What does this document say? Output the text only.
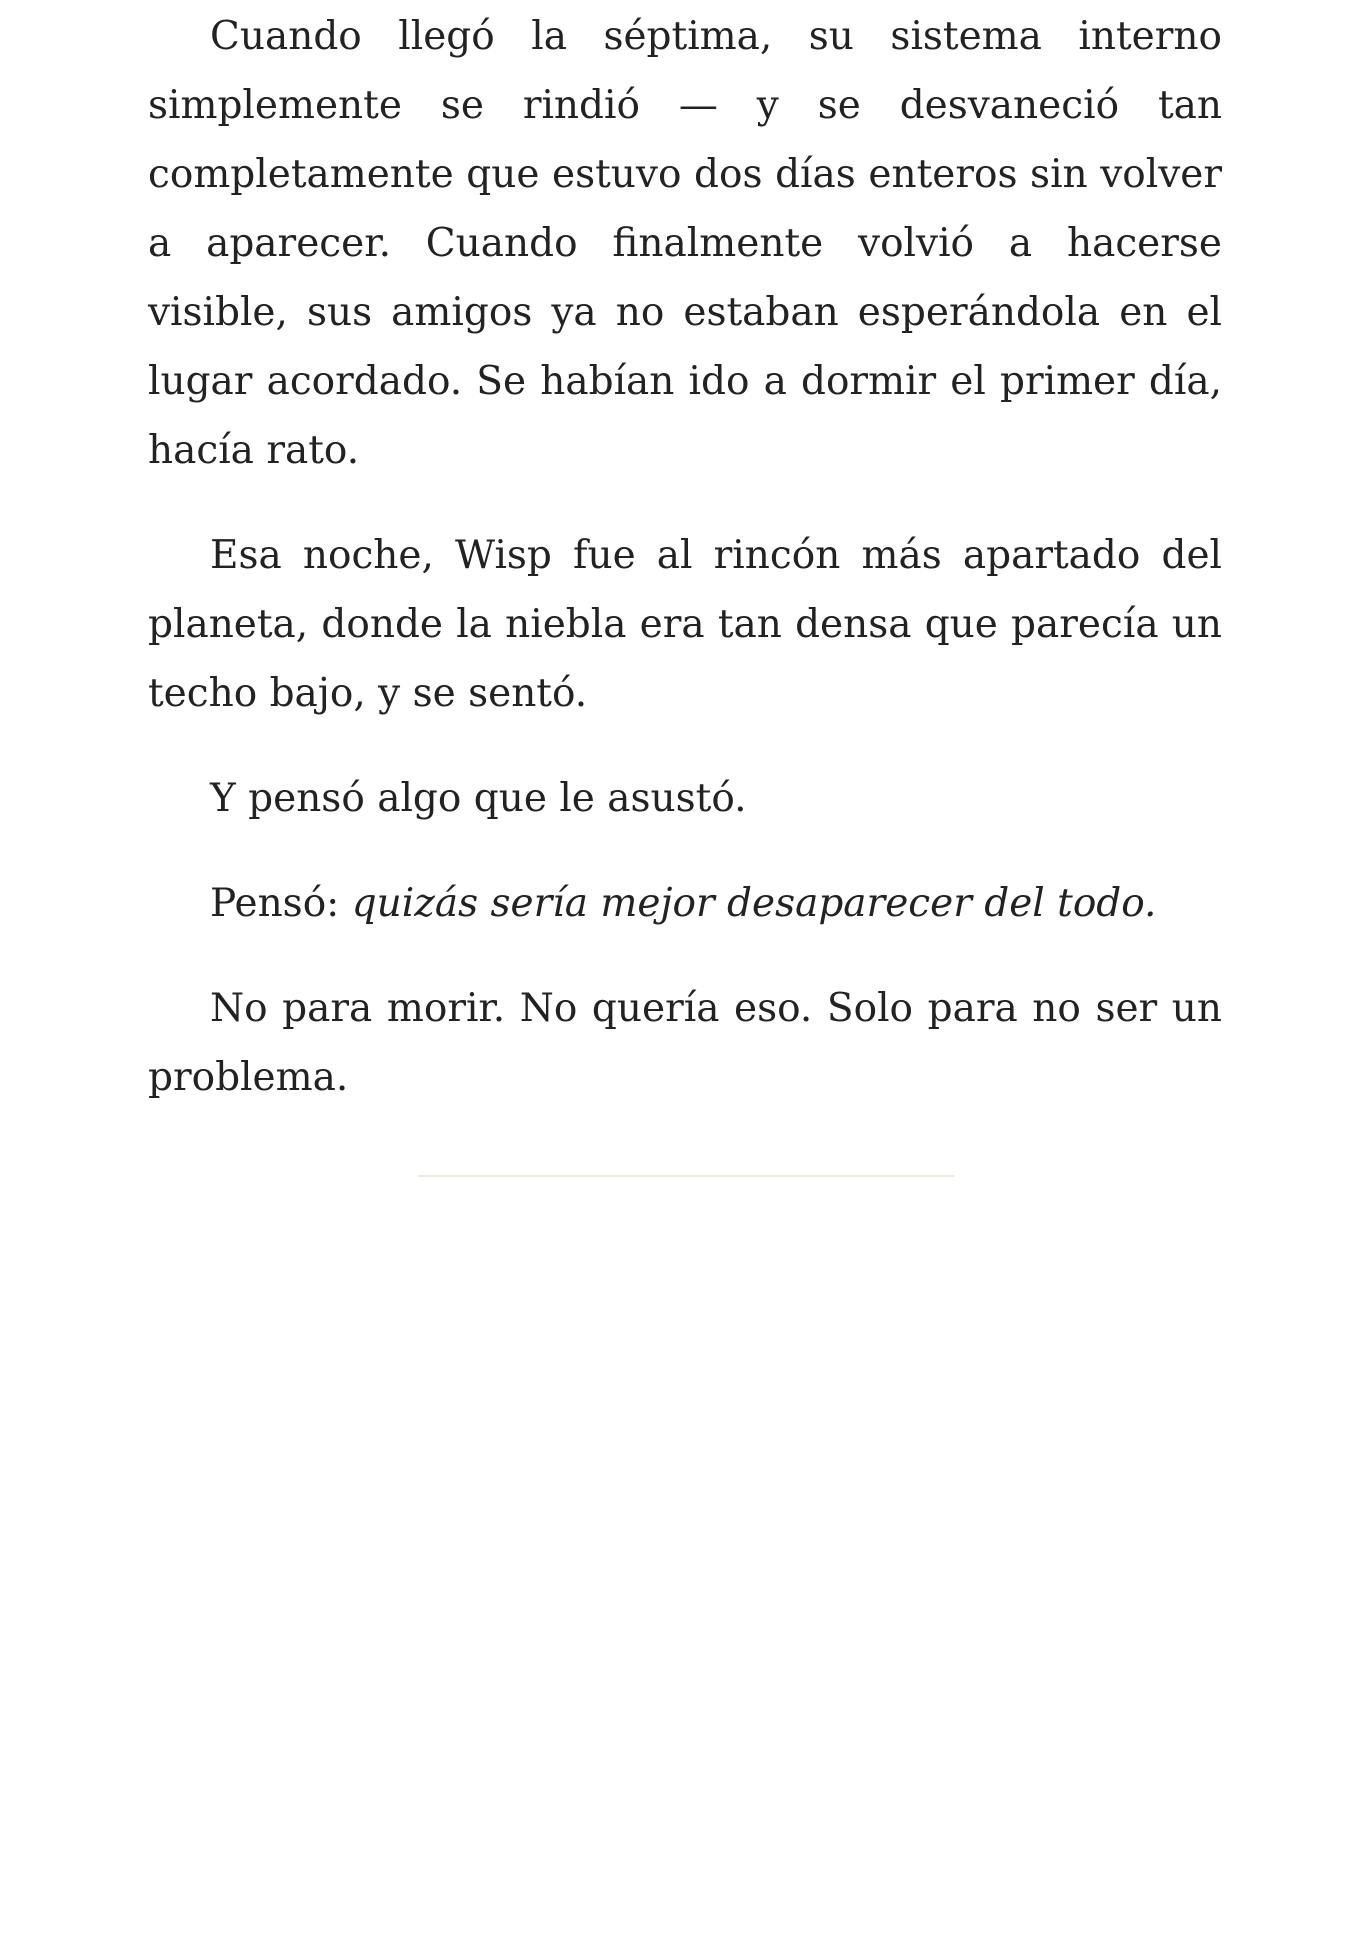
Cuando llegó la séptima, su sistema interno simplemente se rindió — y se desvaneció tan completamente que estuvo dos días enteros sin volver a aparecer. Cuando finalmente volvió a hacerse visible, sus amigos ya no estaban esperándola en el lugar acordado. Se habían ido a dormir el primer día, hacía rato.

Esa noche, Wisp fue al rincón más apartado del planeta, donde la niebla era tan densa que parecía un techo bajo, y se sentó.

Y pensó algo que le asustó.

Pensó: quizás sería mejor desaparecer del todo.

No para morir. No quería eso. Solo para no ser un problema.
